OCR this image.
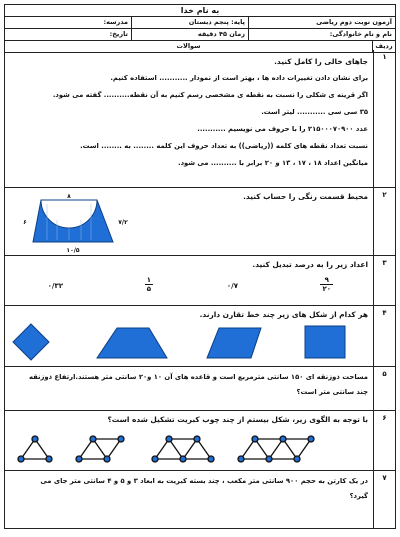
به نام خدا
آزمون نوبت دوم ریاضی
پایه: پنجم دبستان
مدرسه:
نام و نام خانوادگی:
زمان ۴۵ دقیقه
تاریخ:
ردیف
سوالات
۱
جاهای خالی را کامل کنید.
برای نشان دادن تغییرات داده ها ، بهتر است از نمودار ........... استفاده کنیم.
اگر قرینه ی شکلی را نسبت به نقطه ی مشخصی رسم کنیم به آن نقطه.......... گفته می شود.
۳۵ سی سی ........... لیتر است.
عدد ۲۱۵۰۰۰۷۰۹۰۰ را با حروف می نویسیم ...........
نسبت تعداد نقطه های کلمه ((ریاضی)) به تعداد حروف این کلمه ........ به ........ است.
میانگین اعداد ۱۸ ، ۱۷ ، ۱۳ و ۲۰ برابر با .......... می شود.
۲
محیط قسمت رنگی را حساب کنید.
۸
۶	۷/۲
۱۰/۵
۳
اعداد زیر را به درصد تبدیل کنید.
$\frac{۹}{۲۰}$
۰/۷
$\frac{۱}{۵}$
۰/۳۲
۴
هر کدام از شکل های زیر چند خط تقارن دارند.
۵
مساحت ذوزنقه ای ۱۵۰ سانتی مترمربع است و قاعده های آن ۱۰ و۲۰ سانتی متر هستند.ارتفاع ذوزنقه
چند سانتی متر است؟
۶
با توجه به الگوی زیر، شکل بیستم از چند چوب کبریت تشکیل شده است؟
۷
در یک کارتن به حجم ۹۰۰ سانتی متر مکعب ، چند بسته کبریت به ابعاد ۳ و ۵ و ۴ سانتی متر جای می
گیرد؟
